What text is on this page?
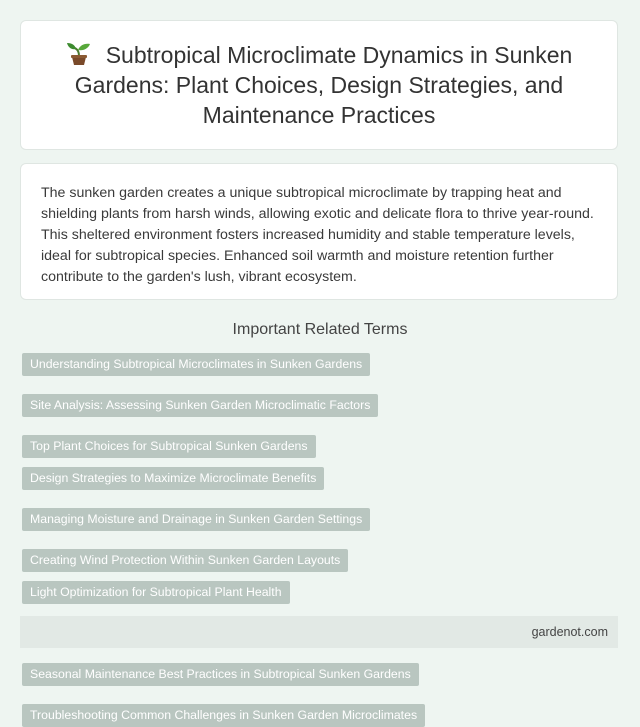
Subtropical Microclimate Dynamics in Sunken Gardens: Plant Choices, Design Strategies, and Maintenance Practices

The sunken garden creates a unique subtropical microclimate by trapping heat and shielding plants from harsh winds, allowing exotic and delicate flora to thrive year-round. This sheltered environment fosters increased humidity and stable temperature levels, ideal for subtropical species. Enhanced soil warmth and moisture retention further contribute to the garden's lush, vibrant ecosystem.

Important Related Terms
Understanding Subtropical Microclimates in Sunken Gardens
Site Analysis: Assessing Sunken Garden Microclimatic Factors
Top Plant Choices for Subtropical Sunken Gardens
Design Strategies to Maximize Microclimate Benefits
Managing Moisture and Drainage in Sunken Garden Settings
Creating Wind Protection Within Sunken Garden Layouts
Light Optimization for Subtropical Plant Health
Seasonal Maintenance Best Practices in Subtropical Sunken Gardens
Troubleshooting Common Challenges in Sunken Garden Microclimates
gardenot.com
